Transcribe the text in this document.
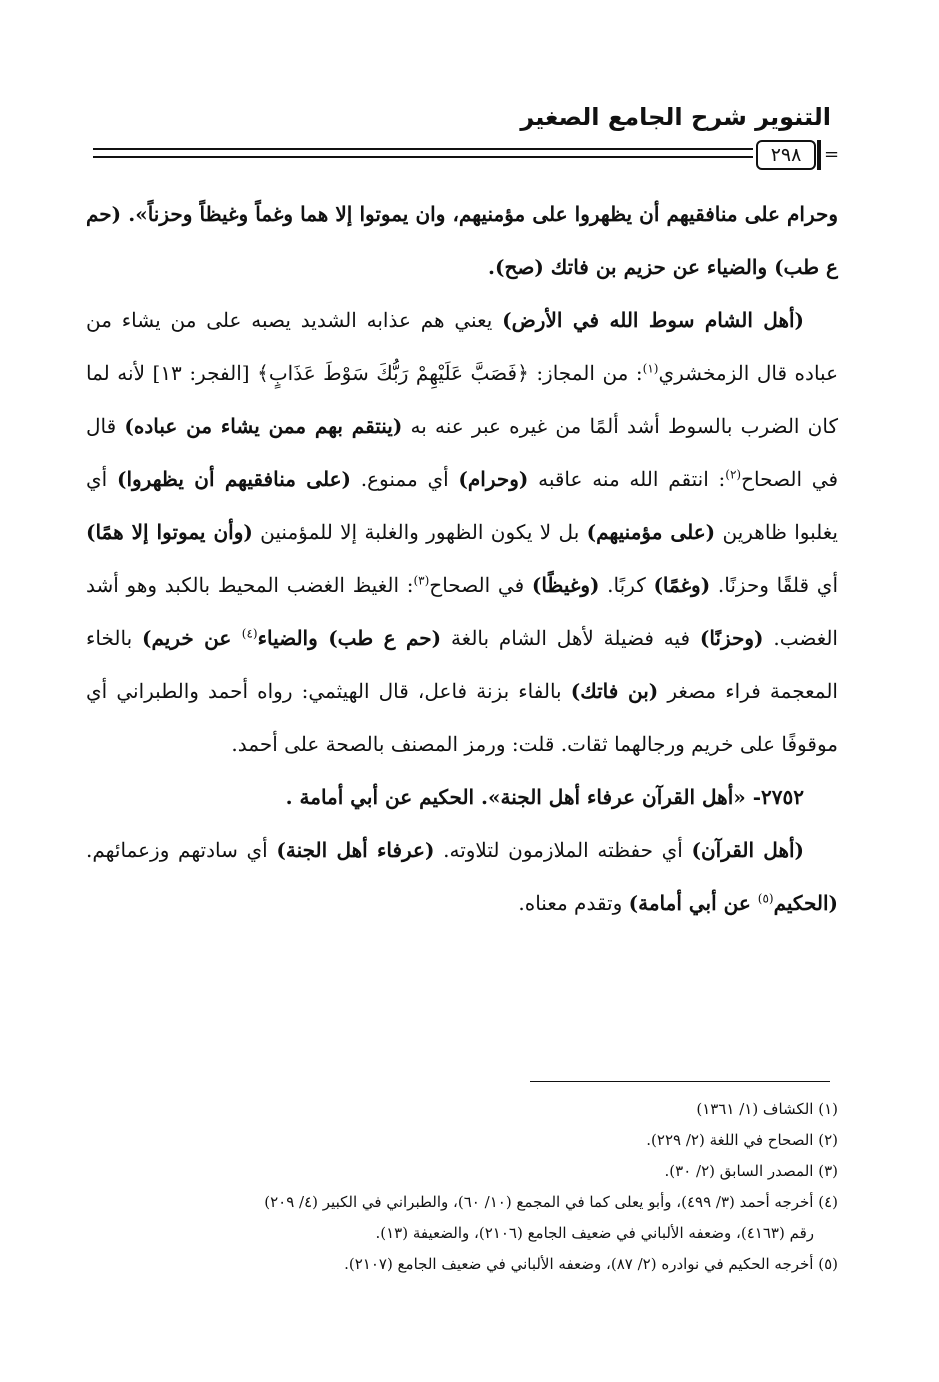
التنوير شرح الجامع الصغير
٢٩٨	=

وحرام على منافقيهم أن يظهروا على مؤمنيهم، وان يموتوا إلا هما وغماً وغيظاً وحزناً». (حم ع طب) والضياء عن حزيم بن فاتك (صح).

(أهل الشام سوط الله في الأرض) يعني هم عذابه الشديد يصبه على من يشاء من عباده قال الزمخشري$^{(١)}$: من المجاز: ﴿فَصَبَّ عَلَيْهِمْ رَبُّكَ سَوْطَ عَذَابٍ﴾ [الفجر: ١٣] لأنه لما كان الضرب بالسوط أشد ألمًا من غيره عبر عنه به (ينتقم بهم ممن يشاء من عباده) قال في الصحاح$^{(٢)}$: انتقم الله منه عاقبه (وحرام) أي ممنوع. (على منافقيهم أن يظهروا) أي يغلبوا ظاهرين (على مؤمنيهم) بل لا يكون الظهور والغلبة إلا للمؤمنين (وأن يموتوا إلا همًا) أي قلقًا وحزنًا. (وغمًا) كربًا. (وغيظًا) في الصحاح$^{(٣)}$: الغيظ الغضب المحيط بالكبد وهو أشد الغضب. (وحزنًا) فيه فضيلة لأهل الشام بالغة (حم ع طب) والضياء$^{(٤)}$ عن خريم) بالخاء المعجمة فراء مصغر (بن فاتك) بالفاء بزنة فاعل، قال الهيثمي: رواه أحمد والطبراني أي موقوفًا على خريم ورجالهما ثقات. قلت: ورمز المصنف بالصحة على أحمد.

٢٧٥٢- «أهل القرآن عرفاء أهل الجنة». الحكيم عن أبي أمامة .

(أهل القرآن) أي حفظته الملازمون لتلاوته. (عرفاء أهل الجنة) أي سادتهم وزعمائهم. (الحكيم$^{(٥)}$ عن أبي أمامة) وتقدم معناه.

(١) الكشاف (١/ ١٣٦١)

(٢) الصحاح في اللغة (٢/ ٢٢٩).

(٣) المصدر السابق (٢/ ٣٠).

(٤) أخرجه أحمد (٣/ ٤٩٩)، وأبو يعلى كما في المجمع (١٠/ ٦٠)، والطبراني في الكبير (٤/ ٢٠٩)

رقم (٤١٦٣)، وضعفه الألباني في ضعيف الجامع (٢١٠٦)، والضعيفة (١٣).

(٥) أخرجه الحكيم في نوادره (٢/ ٨٧)، وضعفه الألباني في ضعيف الجامع (٢١٠٧).
